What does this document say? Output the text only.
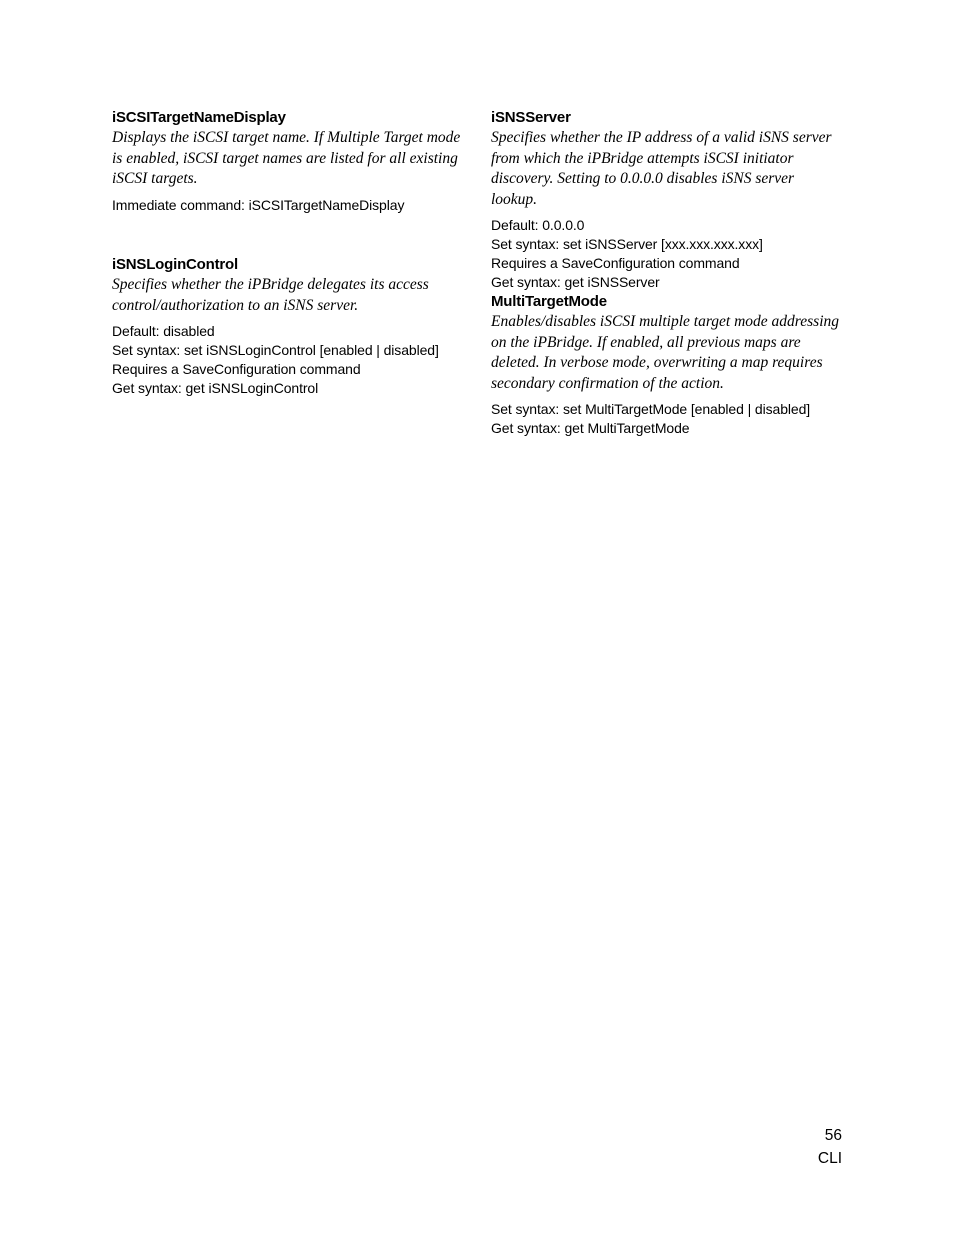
iSCSITargetNameDisplay

Displays the iSCSI target name. If Multiple Target mode is enabled, iSCSI target names are listed for all existing iSCSI targets.

Immediate command: iSCSITargetNameDisplay
iSNSLoginControl

Specifies whether the iPBridge delegates its access control/authorization to an iSNS server.

Default: disabled
Set syntax: set iSNSLoginControl [enabled | disabled]
Requires a SaveConfiguration command
Get syntax: get iSNSLoginControl
iSNSServer

Specifies whether the IP address of a valid iSNS server from which the iPBridge attempts iSCSI initiator discovery. Setting to 0.0.0.0 disables iSNS server lookup.

Default: 0.0.0.0
Set syntax: set iSNSServer [xxx.xxx.xxx.xxx]
Requires a SaveConfiguration command
Get syntax: get iSNSServer
MultiTargetMode

Enables/disables iSCSI multiple target mode addressing on the iPBridge. If enabled, all previous maps are deleted. In verbose mode, overwriting a map requires secondary confirmation of the action.

Set syntax: set MultiTargetMode [enabled | disabled]
Get syntax: get MultiTargetMode
56
CLI
